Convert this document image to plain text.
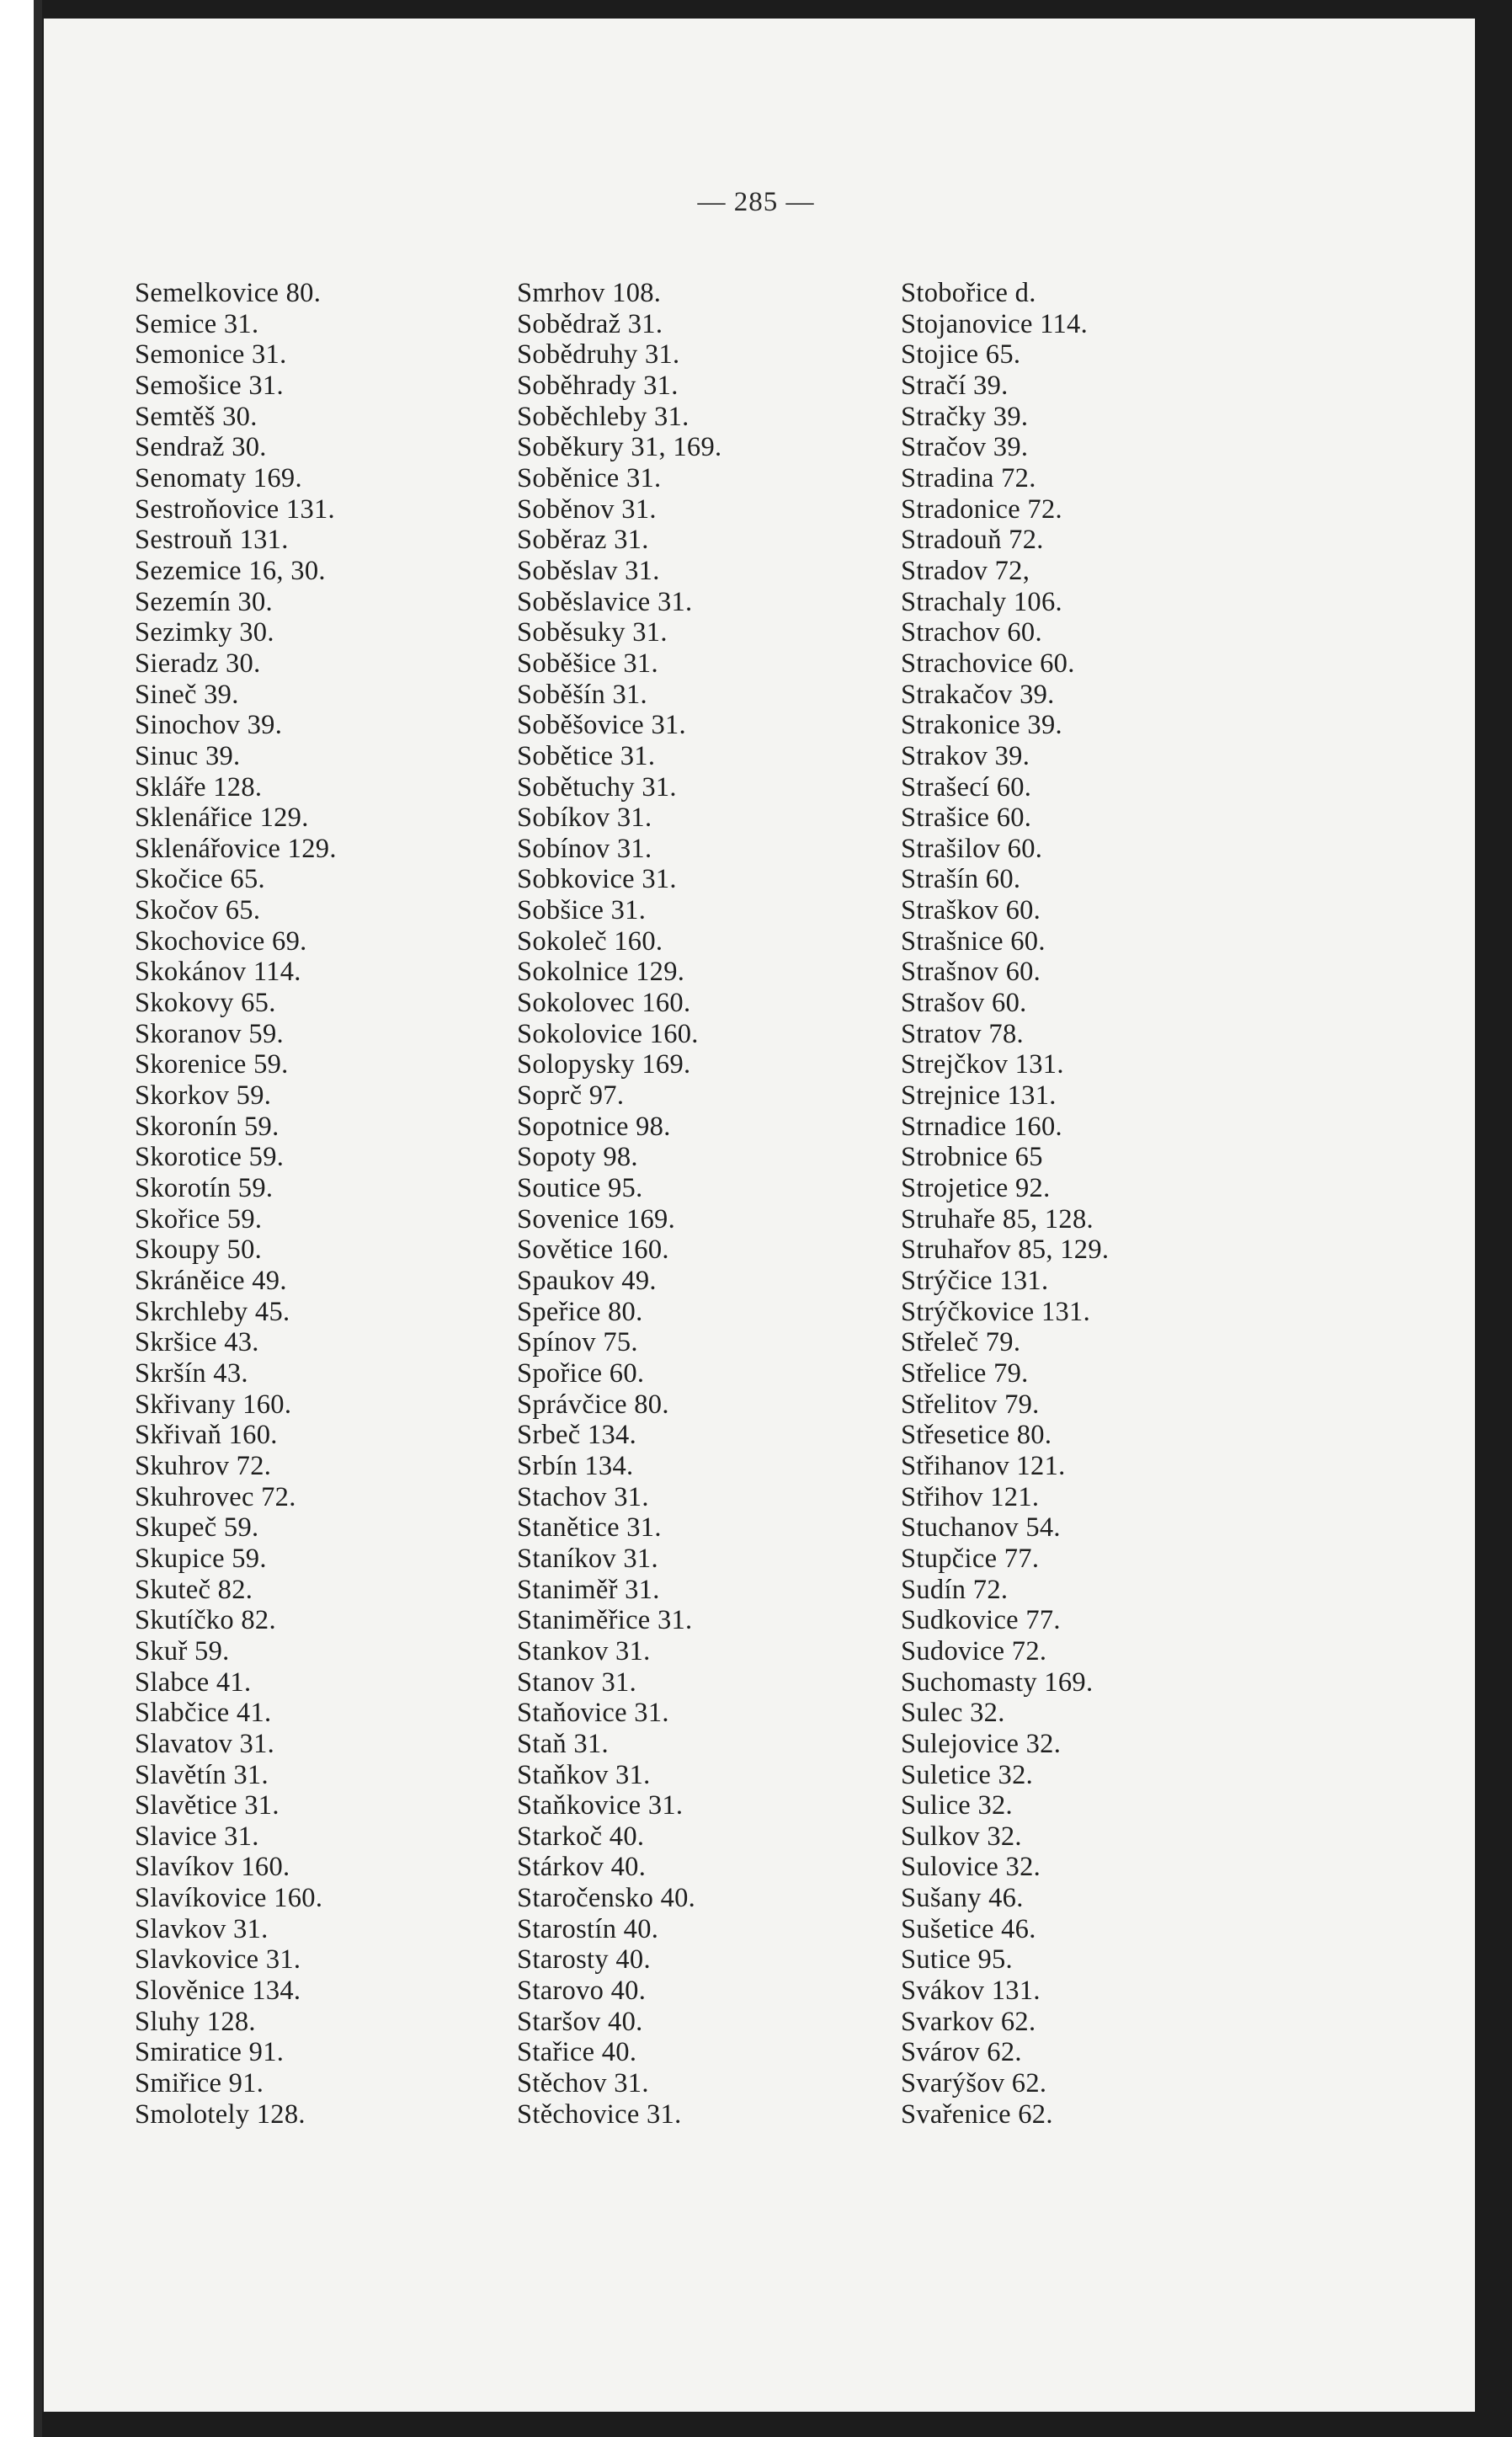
— 285 —
Semelkovice 80.
Semice 31.
Semonice 31.
Semošice 31.
Semtěš 30.
Sendraž 30.
Senomaty 169.
Sestroňovice 131.
Sestrouň 131.
Sezemice 16, 30.
Sezemín 30.
Sezimky 30.
Sieradz 30.
Sineč 39.
Sinochov 39.
Sinuc 39.
Skláře 128.
Sklenářice 129.
Sklenářovice 129.
Skočice 65.
Skočov 65.
Skochovice 69.
Skokánov 114.
Skokovy 65.
Skoranov 59.
Skorenice 59.
Skorkov 59.
Skoronín 59.
Skorotice 59.
Skorotín 59.
Skořice 59.
Skoupy 50.
Skráněice 49.
Skrchleby 45.
Skršice 43.
Skršín 43.
Skřivany 160.
Skřivaň 160.
Skuhrov 72.
Skuhrovec 72.
Skupeč 59.
Skupice 59.
Skuteč 82.
Skutíčko 82.
Skuř 59.
Slabce 41.
Slabčice 41.
Slavatov 31.
Slavětín 31.
Slavětice 31.
Slavice 31.
Slavíkov 160.
Slavíkovice 160.
Slavkov 31.
Slavkovice 31.
Slověnice 134.
Sluhy 128.
Smiratice 91.
Smiřice 91.
Smolotely 128.
Smrhov 108.
Sobědraž 31.
Sobědruhy 31.
Soběhrady 31.
Soběchleby 31.
Soběkury 31, 169.
Soběnice 31.
Soběnov 31.
Soběraz 31.
Soběslav 31.
Soběslavice 31.
Soběsuky 31.
Soběšice 31.
Soběšín 31.
Soběšovice 31.
Sobětice 31.
Sobětuchy 31.
Sobíkov 31.
Sobínov 31.
Sobkovice 31.
Sobšice 31.
Sokoleč 160.
Sokolnice 129.
Sokolovec 160.
Sokolovice 160.
Solopysky 169.
Soprč 97.
Sopotnice 98.
Sopoty 98.
Soutice 95.
Sovenice 169.
Sovětice 160.
Spaukov 49.
Speřice 80.
Spínov 75.
Spořice 60.
Správčice 80.
Srbeč 134.
Srbín 134.
Stachov 31.
Stanětice 31.
Staníkov 31.
Staniměř 31.
Staniměřice 31.
Stankov 31.
Stanov 31.
Staňovice 31.
Staň 31.
Staňkov 31.
Staňkovice 31.
Starkoč 40.
Stárkov 40.
Staročensko 40.
Starostín 40.
Starosty 40.
Starovo 40.
Staršov 40.
Stařice 40.
Stěchov 31.
Stěchovice 31.
Stobořice d.
Stojanovice 114.
Stojice 65.
Stračí 39.
Stračky 39.
Stračov 39.
Stradina 72.
Stradonice 72.
Stradouň 72.
Stradov 72,
Strachaly 106.
Strachov 60.
Strachovice 60.
Strakačov 39.
Strakonice 39.
Strakov 39.
Strašecí 60.
Strašice 60.
Strašilov 60.
Strašín 60.
Straškov 60.
Strašnice 60.
Strašnov 60.
Strašov 60.
Stratov 78.
Strejčkov 131.
Strejnice 131.
Strnadice 160.
Strobnice 65
Strojetice 92.
Struhaře 85, 128.
Struhařov 85, 129.
Strýčice 131.
Strýčkovice 131.
Střeleč 79.
Střelice 79.
Střelitov 79.
Střesetice 80.
Střihanov 121.
Střihov 121.
Stuchanov 54.
Stupčice 77.
Sudín 72.
Sudkovice 77.
Sudovice 72.
Suchomasty 169.
Sulec 32.
Sulejovice 32.
Suletice 32.
Sulice 32.
Sulkov 32.
Sulovice 32.
Sušany 46.
Sušetice 46.
Sutice 95.
Svákov 131.
Svarkov 62.
Svárov 62.
Svarýšov 62.
Svařenice 62.
